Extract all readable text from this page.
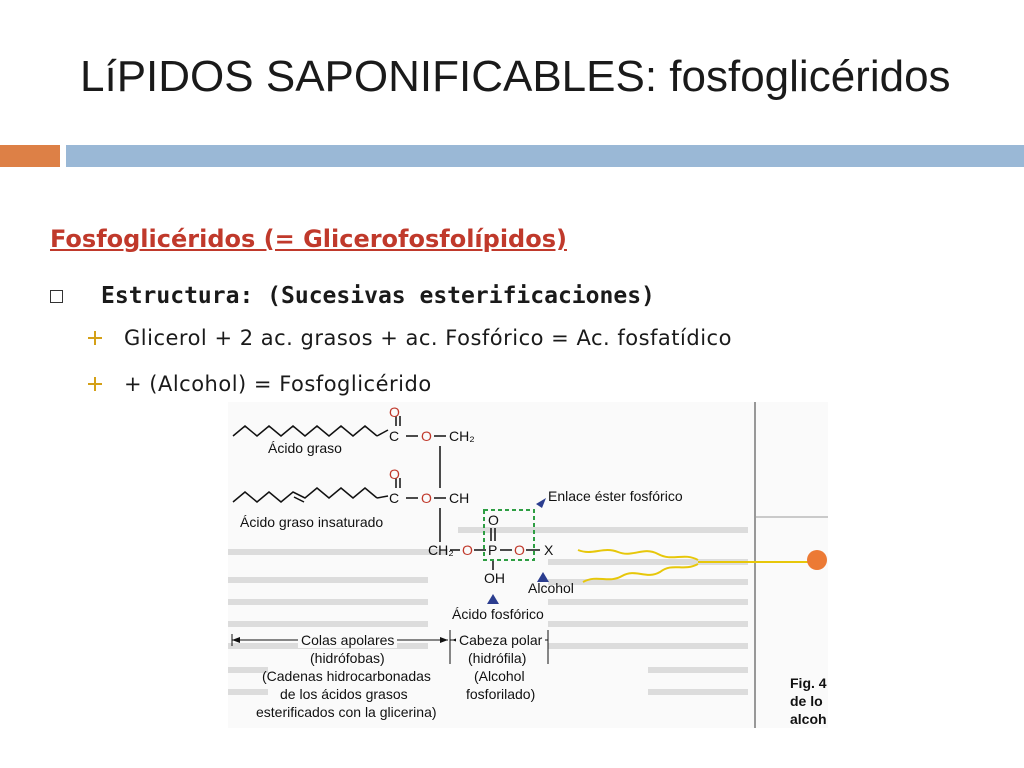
LíPIDOS SAPONIFICABLES: fosfoglicéridos
Fosfoglicéridos (= Glicerofosfolípidos)
Estructura: (Sucesivas esterificaciones)
Glicerol + 2 ac. grasos + ac. Fosfórico = Ac. fosfatídico
+ (Alcohol) = Fosfoglicérido
O
C O CH₂
O
C O CH
CH₂ O P O X
O
OH
Ácido graso
Ácido graso insaturado
Enlace éster fosfórico
Alcohol
Ácido fosfórico
Colas apolares
(hidrófobas)
(Cadenas hidrocarbonadas
de los ácidos grasos
esterificados con la glicerina)
Cabeza polar
(hidrófila)
(Alcohol
fosforilado)
Fig. 4
de lo
alcoh
